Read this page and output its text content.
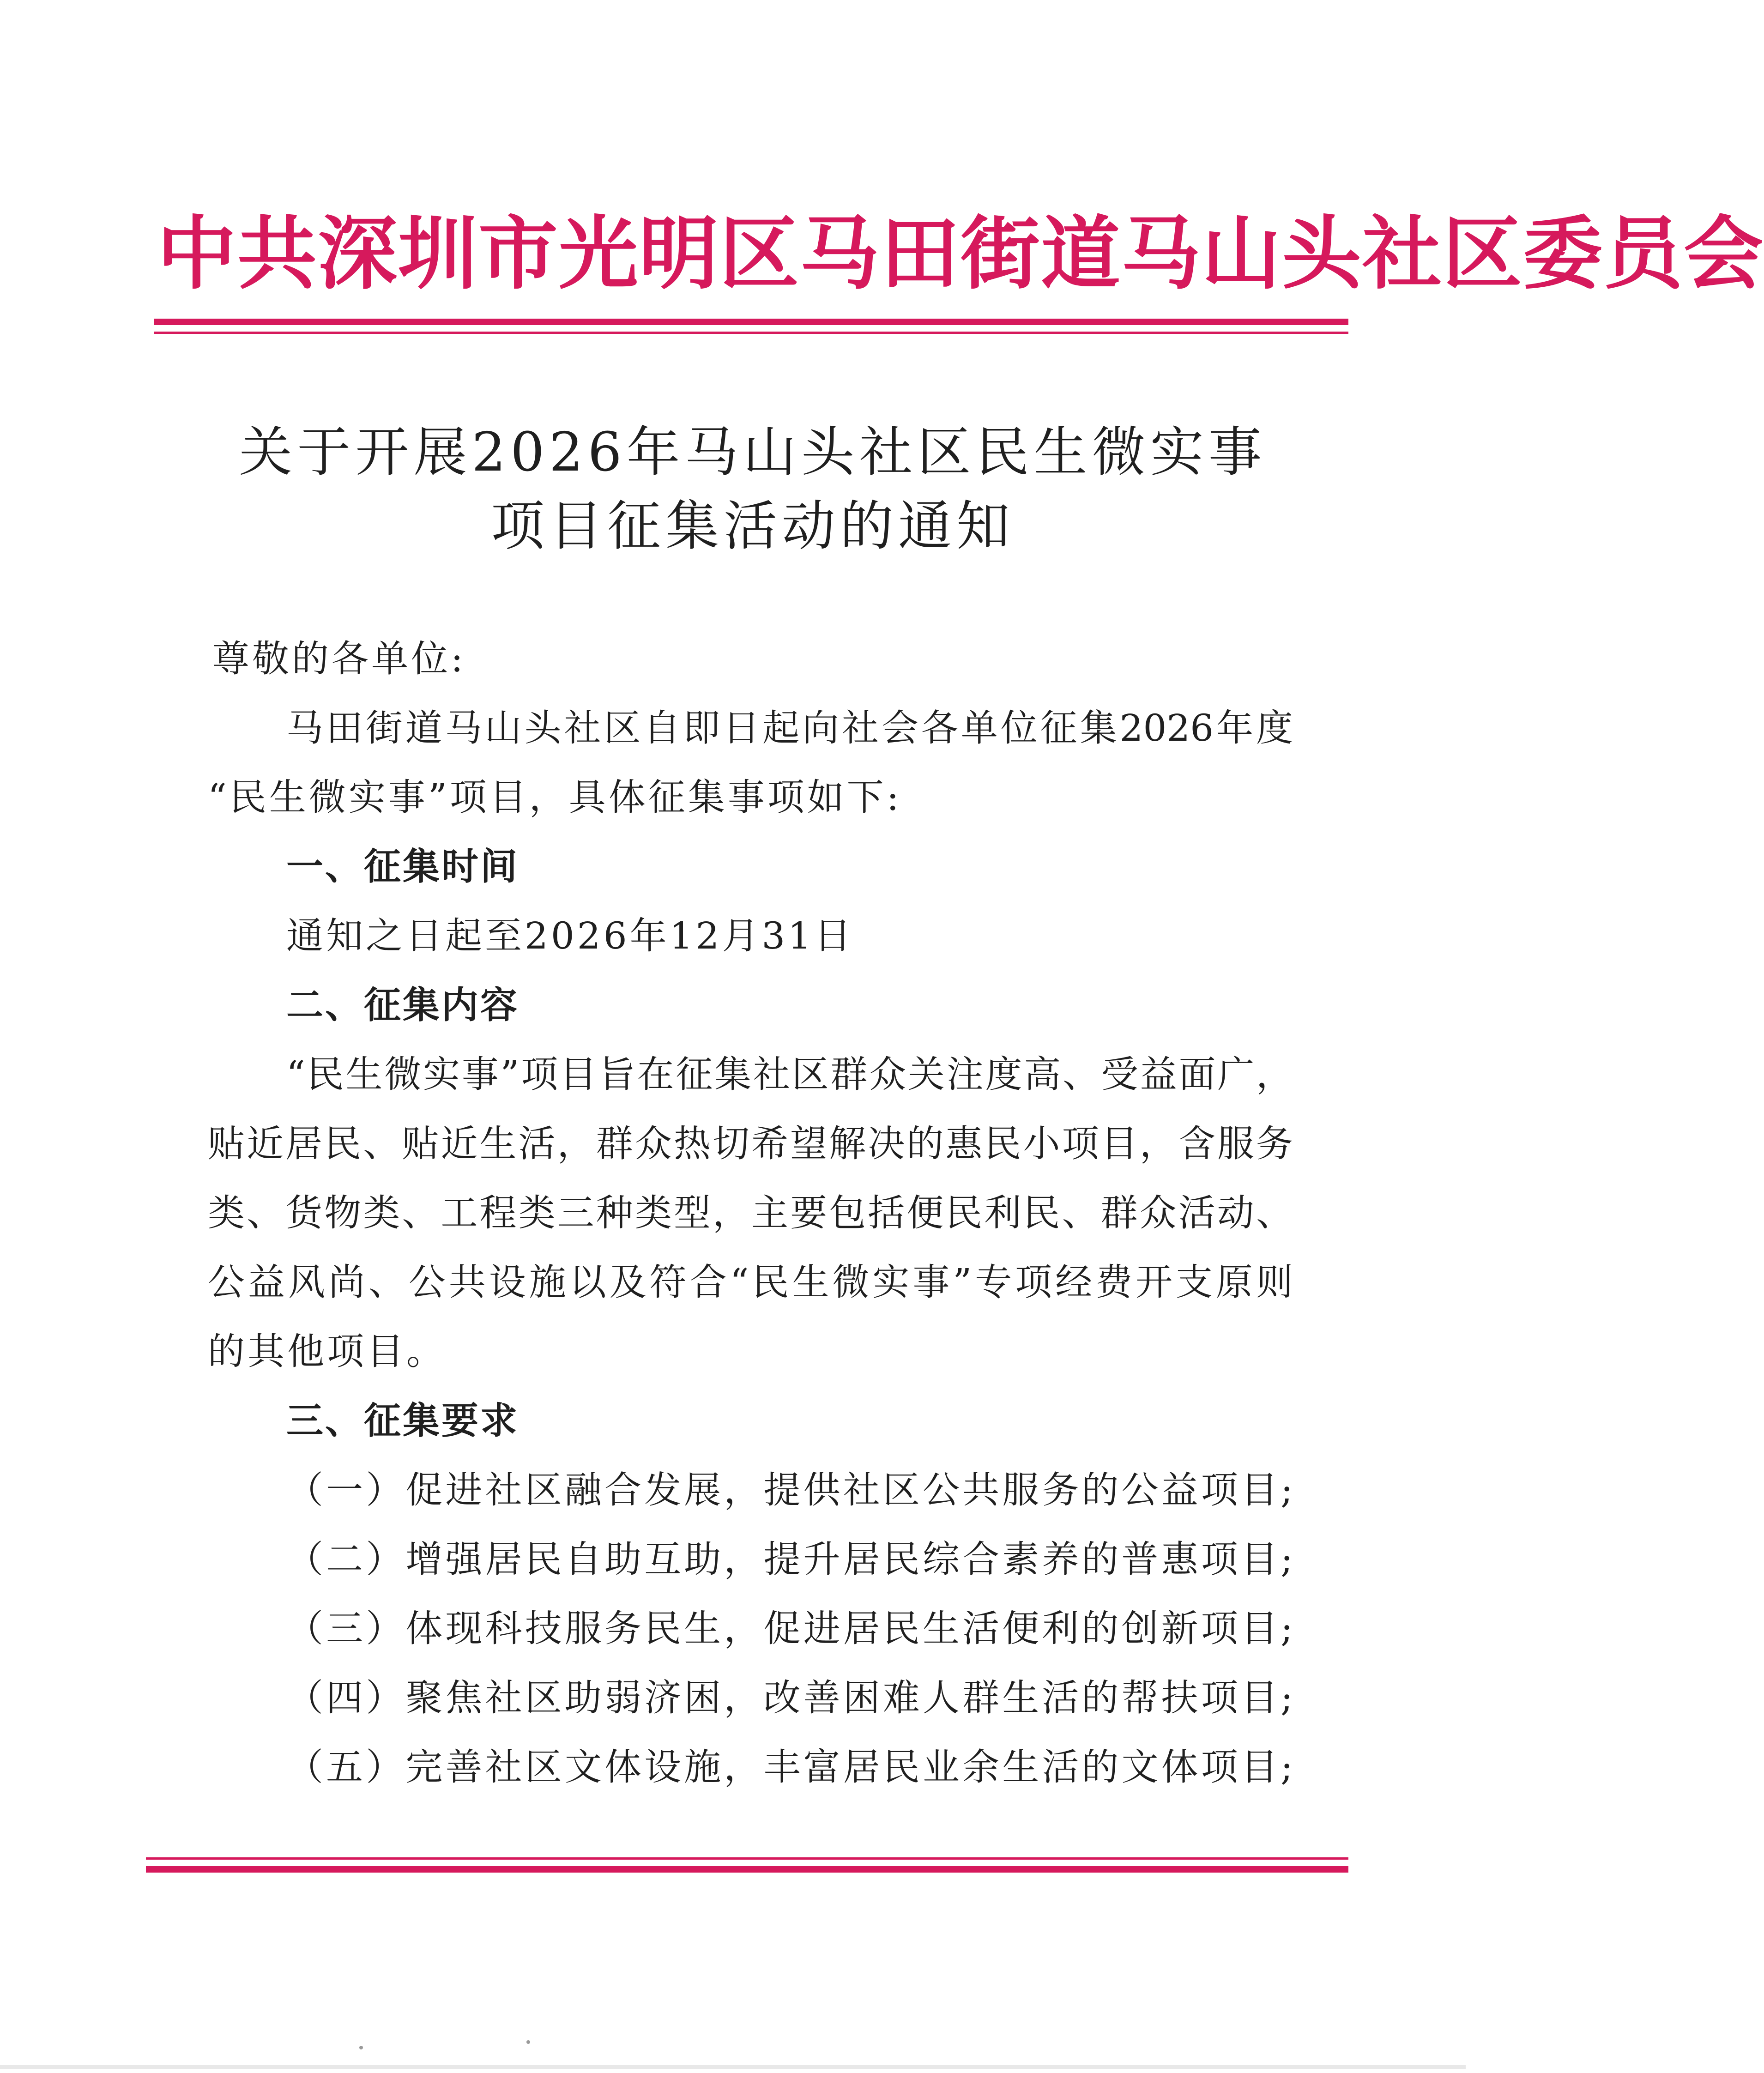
中共深圳市光明区马田街道马山头社区委员会
关于开展2026年马山头社区民生微实事
项目征集活动的通知
尊敬的各单位:
马田街道马山头社区自即日起向社会各单位征集2026年度
“民生微实事”项目，具体征集事项如下:
一、征集时间
通知之日起至2026年12月31日
二、征集内容
“民生微实事”项目旨在征集社区群众关注度高、受益面广，
贴近居民、贴近生活，群众热切希望解决的惠民小项目，含服务
类、货物类、工程类三种类型，主要包括便民利民、群众活动、
公益风尚、公共设施以及符合“民生微实事”专项经费开支原则
的其他项目。
三、征集要求
（一）促进社区融合发展，提供社区公共服务的公益项目;
（二）增强居民自助互助，提升居民综合素养的普惠项目;
（三）体现科技服务民生，促进居民生活便利的创新项目;
（四）聚焦社区助弱济困，改善困难人群生活的帮扶项目;
（五）完善社区文体设施，丰富居民业余生活的文体项目;
